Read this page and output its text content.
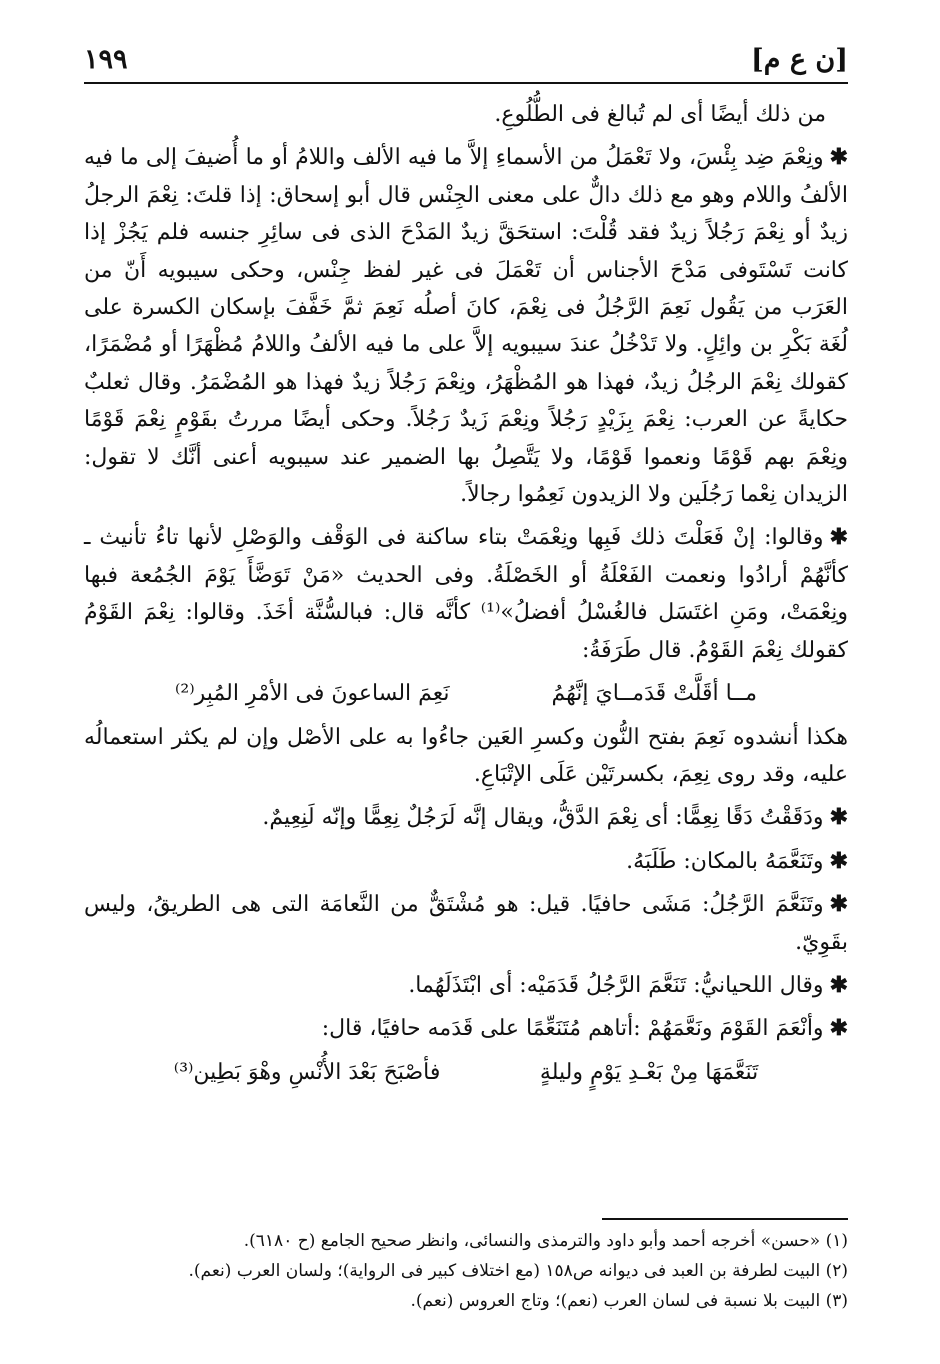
[ن ع م]
١٩٩

من ذلك أيضًا أى لم تُبالغ فى الطُّلُوعِ.

✱ونِعْمَ ضِد بِئْسَ، ولا تَعْمَلُ من الأسماءِ إلاَّ ما فيه الألف واللامُ أو ما أُضيفَ إلى ما فيه الألفُ واللام وهو مع ذلك دالٌّ على معنى الجِنْس قال أبو إسحاق: إذا قلتَ: نِعْمَ الرجلُ زيدٌ أو نِعْمَ رَجُلاً زيدٌ فقد قُلْتَ: استحَقَّ زيدٌ المَدْحَ الذى فى سائِرِ جنسه فلم يَجُزْ إذا كانت تَسْتَوفى مَدْحَ الأجناس أن تَعْمَلَ فى غير لفظ جِنْس، وحكى سيبويه أَنّ من العَرَب من يَقُول نَعِمَ الرَّجُلُ فى نِعْمَ، كانَ أصلُه نَعِمَ ثمَّ خَفَّفَ بإسكان الكسرة على لُغَة بَكْرِ بن وائِلٍ. ولا تَدْخُلُ عندَ سيبويه إلاَّ على ما فيه الألفُ واللامُ مُظْهَرًا أو مُضْمَرًا، كقولك نِعْمَ الرجُلُ زيدٌ، فهذا هو المُظْهَرُ، ونِعْمَ رَجُلاً زيدٌ فهذا هو المُضْمَرُ. وقال ثعلبٌ حكايةً عن العرب: نِعْمَ بِزَيْدٍ رَجُلاً ونِعْمَ زَيدٌ رَجُلاً. وحكى أيضًا مررتُ بقَوْمٍ نِعْمَ قَوْمًا ونِعْمَ بهم قَوْمًا ونعموا قَوْمًا، ولا يَتَّصِلُ بها الضمير عند سيبويه أعنى أنَّك لا تقول: الزيدان نِعْما رَجُلَين ولا الزيدون نَعِمُوا رجالاً.

✱وقالوا: إنْ فَعَلْتَ ذلك فَبِها ونِعْمَتْ بتاء ساكنة فى الوَقْف والوَصْلِ لأنها تاءُ تأنيث ـ كأنَّهُمْ أرادُوا ونعمت الفَعْلَةُ أو الخَصْلَةُ. وفى الحديث «مَنْ تَوَضَّأَ يَوْمَ الجُمُعة فبها ونِعْمَتْ، ومَنِ اغتَسَل فالغُسْلُ أفضلُ»⁽¹⁾ كأنَّه قال: فبالسُّنَّة أخَذَ. وقالوا: نِعْمَ القَوْمُ كقولك نِعْمَ القَوْمُ. قال طَرَفَةُ:

مــا أقَلَّتْ قَدَمــايَ إنَّهُمُ
نَعِمَ الساعونَ فى الأمْرِ المُبِر⁽²⁾

هكذا أنشدوه نَعِمَ بفتح النُّون وكسرِ العَين جاءُوا به على الأصْل وإن لم يكثر استعمالُه عليه، وقد روى نِعِمَ، بكسرتَيْن عَلَى الإتْبَاعِ.

✱ودَقَقْتُ دَقًا نِعِمًّا: أى نِعْمَ الدَّقُّ، ويقال إنَّه لَرَجُلٌ نِعِمًّا وإنّه لَنِعِيمٌ.

✱وتَنَعَّمَهُ بالمكان: طَلَبَهُ.

✱وتَنَعَّمَ الرَّجُلُ: مَشَى حافيًا. قيل: هو مُشْتَقٌّ من النَّعامَة التى هى الطريقُ، وليس بقَوِيّ.

✱وقال اللحيانيُّ: تَنَعَّمَ الرَّجُلُ قَدَمَيْه: أى ابْتَذَلَهُما.

✱وأنْعَمَ القَوْمَ ونَعَّمَهُمْ :أتاهم مُتَنَعِّمًا على قَدَمه حافيًا، قال:

تَنَعَّمَهَا مِنْ بَعْـدِ يَوْمٍ وليلةٍ
فأصْبَحَ بَعْدَ الأُنْسِ وهْوَ بَطِين⁽³⁾
(١) «حسن» أخرجه أحمد وأبو داود والترمذى والنسائى، وانظر صحيح الجامع (ح ٦١٨٠).
(٢) البيت لطرفة بن العبد فى ديوانه ص١٥٨ (مع اختلاف كبير فى الرواية)؛ ولسان العرب (نعم).
(٣) البيت بلا نسبة فى لسان العرب (نعم)؛ وتاج العروس (نعم).
